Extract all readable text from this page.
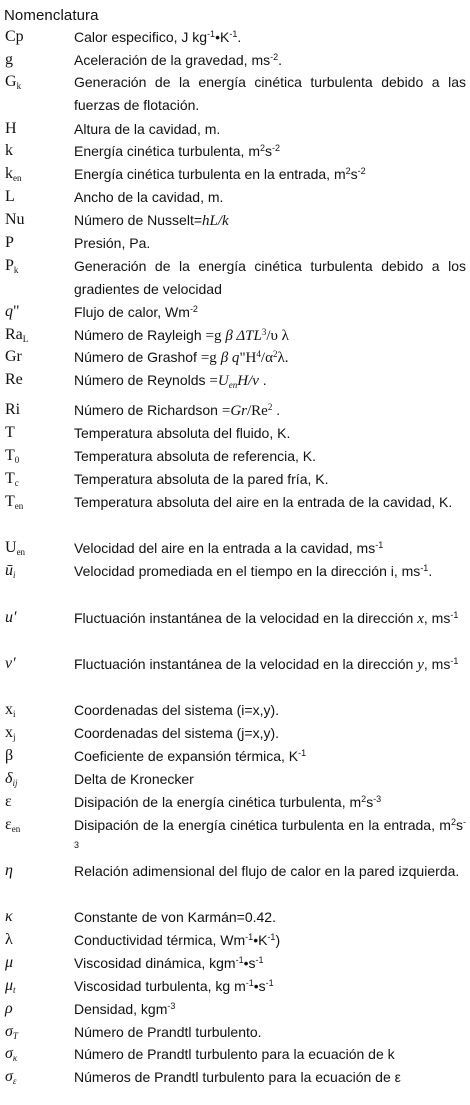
Nomenclatura
Cp	Calor especifico, J $kg^{-1}•K^{-1}$.
g	Aceleración de la gravedad, $ms^{-2}$.
$G_k$	Generación de la energía cinética turbulenta debido a las fuerzas de flotación.
H	Altura de la cavidad, m.
k	Energía cinética turbulenta, $m^2s^{-2}$
$k_{en}$	Energía cinética turbulenta en la entrada, $m^2s^{-2}$
L	Ancho de la cavidad, m.
Nu	Número de Nusselt=hL/k
P	Presión, Pa.
$P_k$	Generación de la energía cinética turbulenta debido a los gradientes de velocidad
q"	Flujo de calor, $Wm^{-2}$
$Ra_L$	Número de Rayleigh =g β ΔTL$^3$/υ λ
Gr	Número de Grashof =g β $q"H^4/\alpha^2\lambda$.
Re	Número de Reynolds $=U_{en}H/\nu$ .
Ri	Número de Richardson $=Gr/Re^2$ .
T	Temperatura absoluta del fluido, K.
$T_0$	Temperatura absoluta de referencia, K.
$T_c$	Temperatura absoluta de la pared fría, K.
$T_{en}$	Temperatura absoluta del aire en la entrada de la cavidad, K.
$U_{en}$	Velocidad del aire en la entrada a la cavidad, $ms^{-1}$
$ū_i$	Velocidad promediada en el tiempo en la dirección i, $ms^{-1}$.
u′	Fluctuación instantánea de la velocidad en la dirección x, $ms^{-1}$
v′	Fluctuación instantánea de la velocidad en la dirección y, $ms^{-1}$
$x_i$	Coordenadas del sistema (i=x,y).
$x_j$	Coordenadas del sistema (j=x,y).
β	Coeficiente de expansión térmica, $K^{-1}$
$\delta_{ij}$	Delta de Kronecker
ε	Disipación de la energía cinética turbulenta, $m^2s^{-3}$
$\varepsilon_{en}$	Disipación de la energía cinética turbulenta en la entrada, $m^2s^{-3}$
η	Relación adimensional del flujo de calor en la pared izquierda.
κ	Constante de von Karmán=0.42.
λ	Conductividad térmica, $Wm^{-1}•K^{-1}$)
μ	Viscosidad dinámica, $kgm^{-1}•s^{-1}$
$\mu_t$	Viscosidad turbulenta, kg $m^{-1}•s^{-1}$
ρ	Densidad, kgm$^{-3}$
$\sigma_T$	Número de Prandtl turbulento.
$\sigma_\kappa$	Número de Prandtl turbulento para la ecuación de k
$\sigma_\varepsilon$	Números de Prandtl turbulento para la ecuación de ε
